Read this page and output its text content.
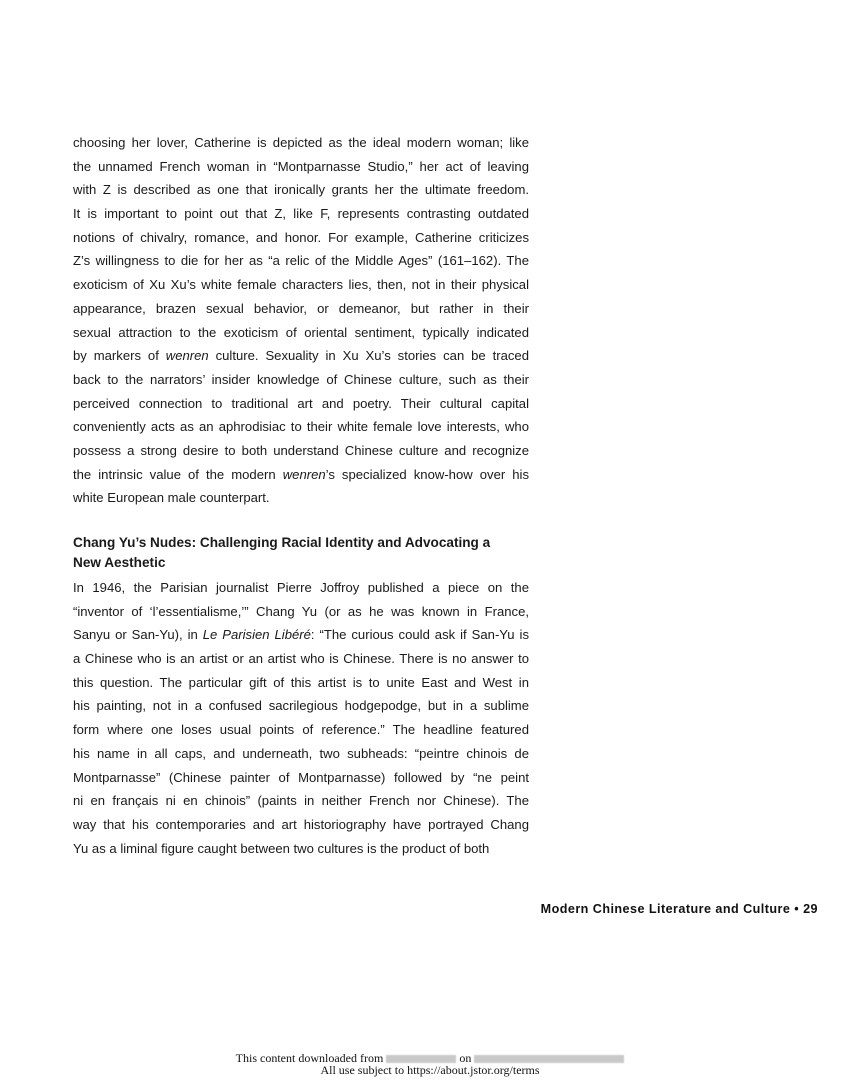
choosing her lover, Catherine is depicted as the ideal modern woman; like
the unnamed French woman in “Montparnasse Studio,” her act of leaving
with Z is described as one that ironically grants her the ultimate freedom.
It is important to point out that Z, like F, represents contrasting outdated
notions of chivalry, romance, and honor. For example, Catherine criticizes
Z’s willingness to die for her as “a relic of the Middle Ages” (161–162). The
exoticism of Xu Xu’s white female characters lies, then, not in their physical
appearance, brazen sexual behavior, or demeanor, but rather in their
sexual attraction to the exoticism of oriental sentiment, typically indicated
by markers of wenren culture. Sexuality in Xu Xu’s stories can be traced
back to the narrators’ insider knowledge of Chinese culture, such as their
perceived connection to traditional art and poetry. Their cultural capital
conveniently acts as an aphrodisiac to their white female love interests, who
possess a strong desire to both understand Chinese culture and recognize
the intrinsic value of the modern wenren’s specialized know-how over his
white European male counterpart.
Chang Yu’s Nudes: Challenging Racial Identity and Advocating a
New Aesthetic
In 1946, the Parisian journalist Pierre Joffroy published a piece on the
“inventor of ‘l’essentialisme,’” Chang Yu (or as he was known in France,
Sanyu or San-Yu), in Le Parisien Libéré: “The curious could ask if San-Yu is
a Chinese who is an artist or an artist who is Chinese. There is no answer to
this question. The particular gift of this artist is to unite East and West in
his painting, not in a confused sacrilegious hodgepodge, but in a sublime
form where one loses usual points of reference.” The headline featured
his name in all caps, and underneath, two subheads: “peintre chinois de
Montparnasse” (Chinese painter of Montparnasse) followed by “ne peint
ni en français ni en chinois” (paints in neither French nor Chinese). The
way that his contemporaries and art historiography have portrayed Chang
Yu as a liminal figure caught between two cultures is the product of both
Modern Chinese Literature and Culture • 29
This content downloaded from	on
All use subject to https://about.jstor.org/terms
